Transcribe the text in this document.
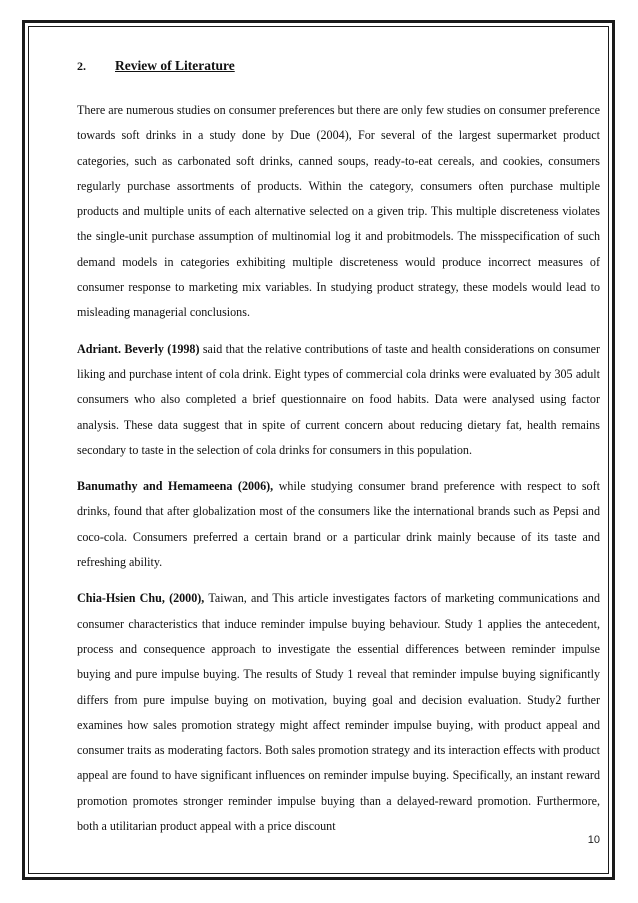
2.	Review of Literature

There are numerous studies on consumer preferences but there are only few studies on consumer preference towards soft drinks in a study done by Due (2004), For several of the largest supermarket product categories, such as carbonated soft drinks, canned soups, ready-to-eat cereals, and cookies, consumers regularly purchase assortments of products. Within the category, consumers often purchase multiple products and multiple units of each alternative selected on a given trip. This multiple discreteness violates the single-unit purchase assumption of multinomial log it and probitmodels. The misspecification of such demand models in categories exhibiting multiple discreteness would produce incorrect measures of consumer response to marketing mix variables. In studying product strategy, these models would lead to misleading managerial conclusions.

Adriant. Beverly (1998) said that the relative contributions of taste and health considerations on consumer liking and purchase intent of cola drink. Eight types of commercial cola drinks were evaluated by 305 adult consumers who also completed a brief questionnaire on food habits. Data were analysed using factor analysis. These data suggest that in spite of current concern about reducing dietary fat, health remains secondary to taste in the selection of cola drinks for consumers in this population.

Banumathy and Hemameena (2006), while studying consumer brand preference with respect to soft drinks, found that after globalization most of the consumers like the international brands such as Pepsi and coco-cola. Consumers preferred a certain brand or a particular drink mainly because of its taste and refreshing ability.

Chia-Hsien Chu, (2000), Taiwan, and This article investigates factors of marketing communications and consumer characteristics that induce reminder impulse buying behaviour. Study 1 applies the antecedent, process and consequence approach to investigate the essential differences between reminder impulse buying and pure impulse buying. The results of Study 1 reveal that reminder impulse buying significantly differs from pure impulse buying on motivation, buying goal and decision evaluation. Study2 further examines how sales promotion strategy might affect reminder impulse buying, with product appeal and consumer traits as moderating factors. Both sales promotion strategy and its interaction effects with product appeal are found to have significant influences on reminder impulse buying. Specifically, an instant reward promotion promotes stronger reminder impulse buying than a delayed-reward promotion. Furthermore, both a utilitarian product appeal with a price discount

10
